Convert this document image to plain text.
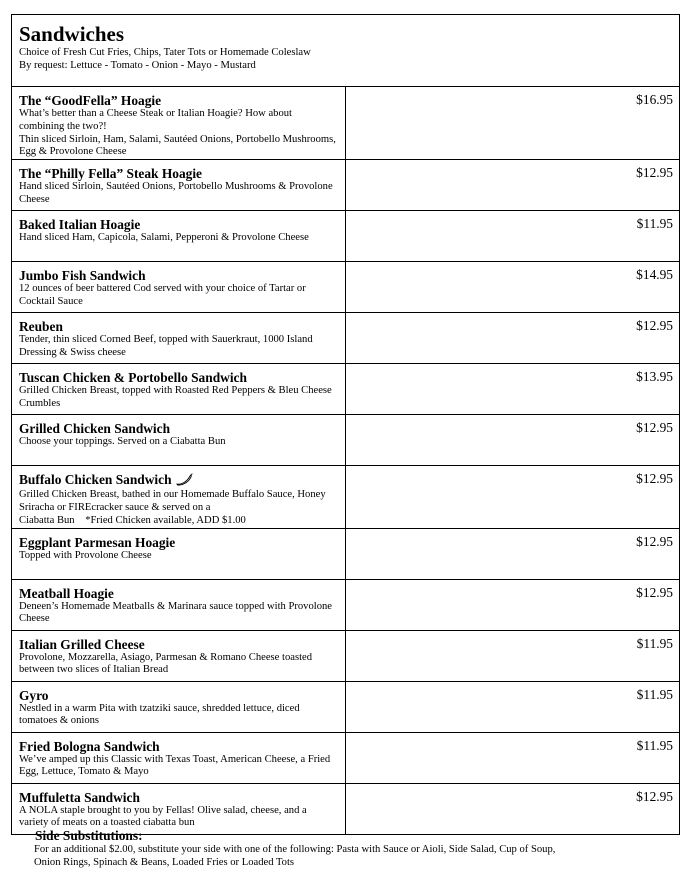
Sandwiches
Choice of Fresh Cut Fries, Chips, Tater Tots or Homemade Coleslaw
By request: Lettuce - Tomato - Onion - Mayo - Mustard	

The “GoodFella” Hoagie
What’s better than a Cheese Steak or Italian Hoagie? How about combining the two?!
Thin sliced Sirloin, Ham, Salami, Sautéed Onions, Portobello Mushrooms, Egg & Provolone Cheese	$16.95

The “Philly Fella” Steak Hoagie
Hand sliced Sirloin, Sautéed Onions, Portobello Mushrooms & Provolone Cheese	$12.95

Baked Italian Hoagie
Hand sliced Ham, Capicola, Salami, Pepperoni & Provolone Cheese	$11.95

Jumbo Fish Sandwich
12 ounces of beer battered Cod served with your choice of Tartar or Cocktail Sauce	$14.95

Reuben
Tender, thin sliced Corned Beef, topped with Sauerkraut, 1000 Island Dressing & Swiss cheese	$12.95

Tuscan Chicken & Portobello Sandwich
Grilled Chicken Breast, topped with Roasted Red Peppers & Bleu Cheese Crumbles	$13.95

Grilled Chicken Sandwich
Choose your toppings. Served on a Ciabatta Bun	$12.95

Buffalo Chicken Sandwich
Grilled Chicken Breast, bathed in our Homemade Buffalo Sauce, Honey Sriracha or FIREcracker sauce & served on a
Ciabatta Bun    *Fried Chicken available, ADD $1.00	$12.95

Eggplant Parmesan Hoagie
Topped with Provolone Cheese	$12.95

Meatball Hoagie
Deneen’s Homemade Meatballs & Marinara sauce topped with Provolone Cheese	$12.95

Italian Grilled Cheese
Provolone, Mozzarella, Asiago, Parmesan & Romano Cheese toasted between two slices of Italian Bread	$11.95

Gyro
Nestled in a warm Pita with tzatziki sauce, shredded lettuce, diced tomatoes & onions	$11.95

Fried Bologna Sandwich
We’ve amped up this Classic with Texas Toast, American Cheese, a Fried Egg, Lettuce, Tomato & Mayo	$11.95

Muffuletta Sandwich
A NOLA staple brought to you by Fellas! Olive salad, cheese, and a variety of meats on a toasted ciabatta bun	$12.95
Side Substitutions:
For an additional $2.00, substitute your side with one of the following: Pasta with Sauce or Aioli, Side Salad, Cup of Soup,
Onion Rings, Spinach & Beans, Loaded Fries or Loaded Tots
